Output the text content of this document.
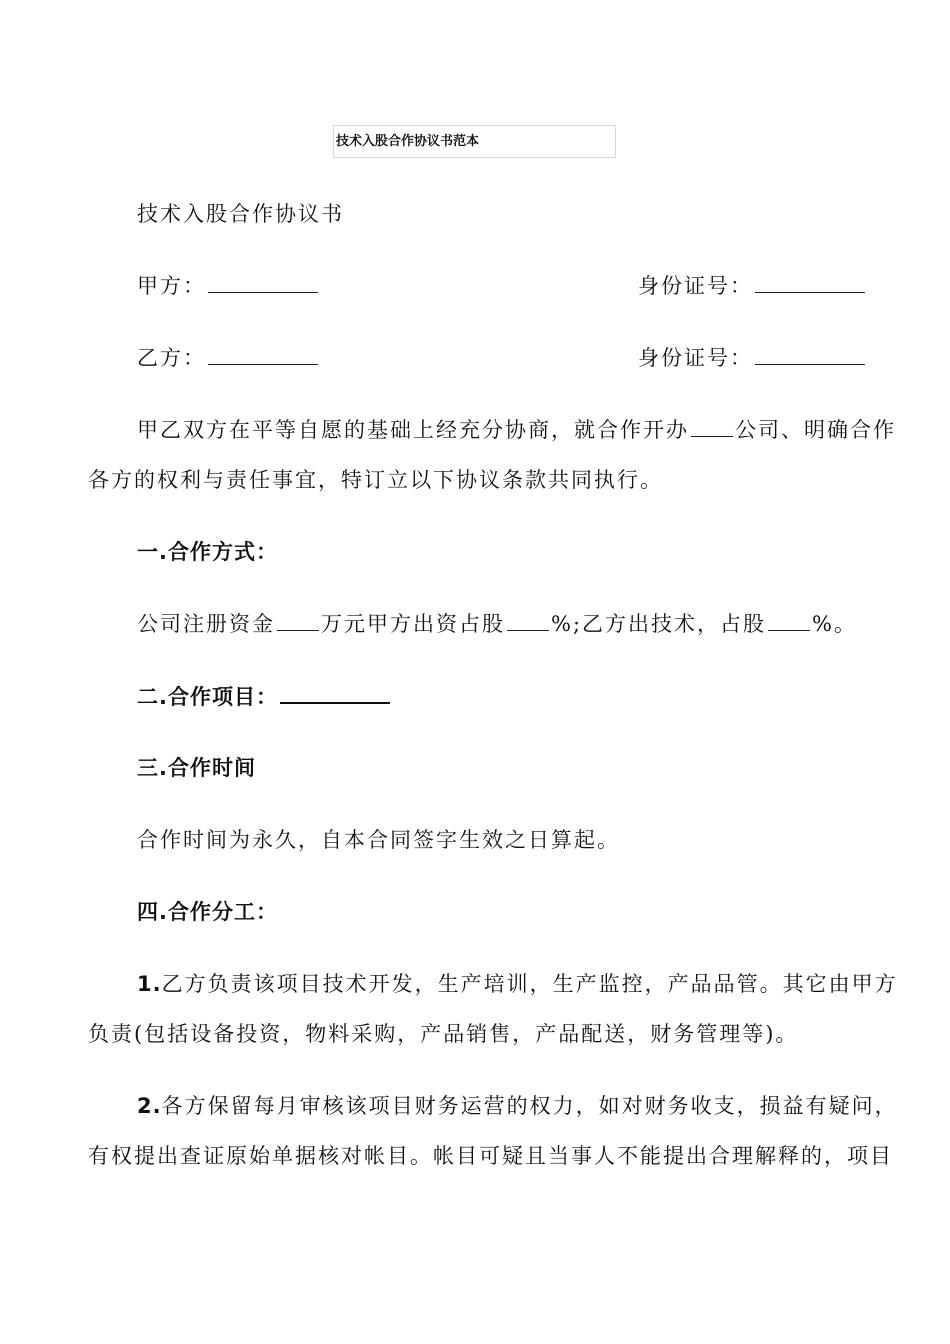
技术入股合作协议书范本
技术入股合作协议书
甲方：	身份证号：
乙方：	身份证号：
甲乙双方在平等自愿的基础上经充分协商，就合作开办 公司、明确合作
各方的权利与责任事宜，特订立以下协议条款共同执行。
一.合作方式：
公司注册资金 万元甲方出资占股 %;乙方出技术，占股 %。
二.合作项目：
三.合作时间
合作时间为永久，自本合同签字生效之日算起。
四.合作分工：
1.乙方负责该项目技术开发，生产培训，生产监控，产品品管。其它由甲方
负责(包括设备投资，物料采购，产品销售，产品配送，财务管理等)。
2.各方保留每月审核该项目财务运营的权力，如对财务收支，损益有疑问，
有权提出查证原始单据核对帐目。帐目可疑且当事人不能提出合理解释的，项目
